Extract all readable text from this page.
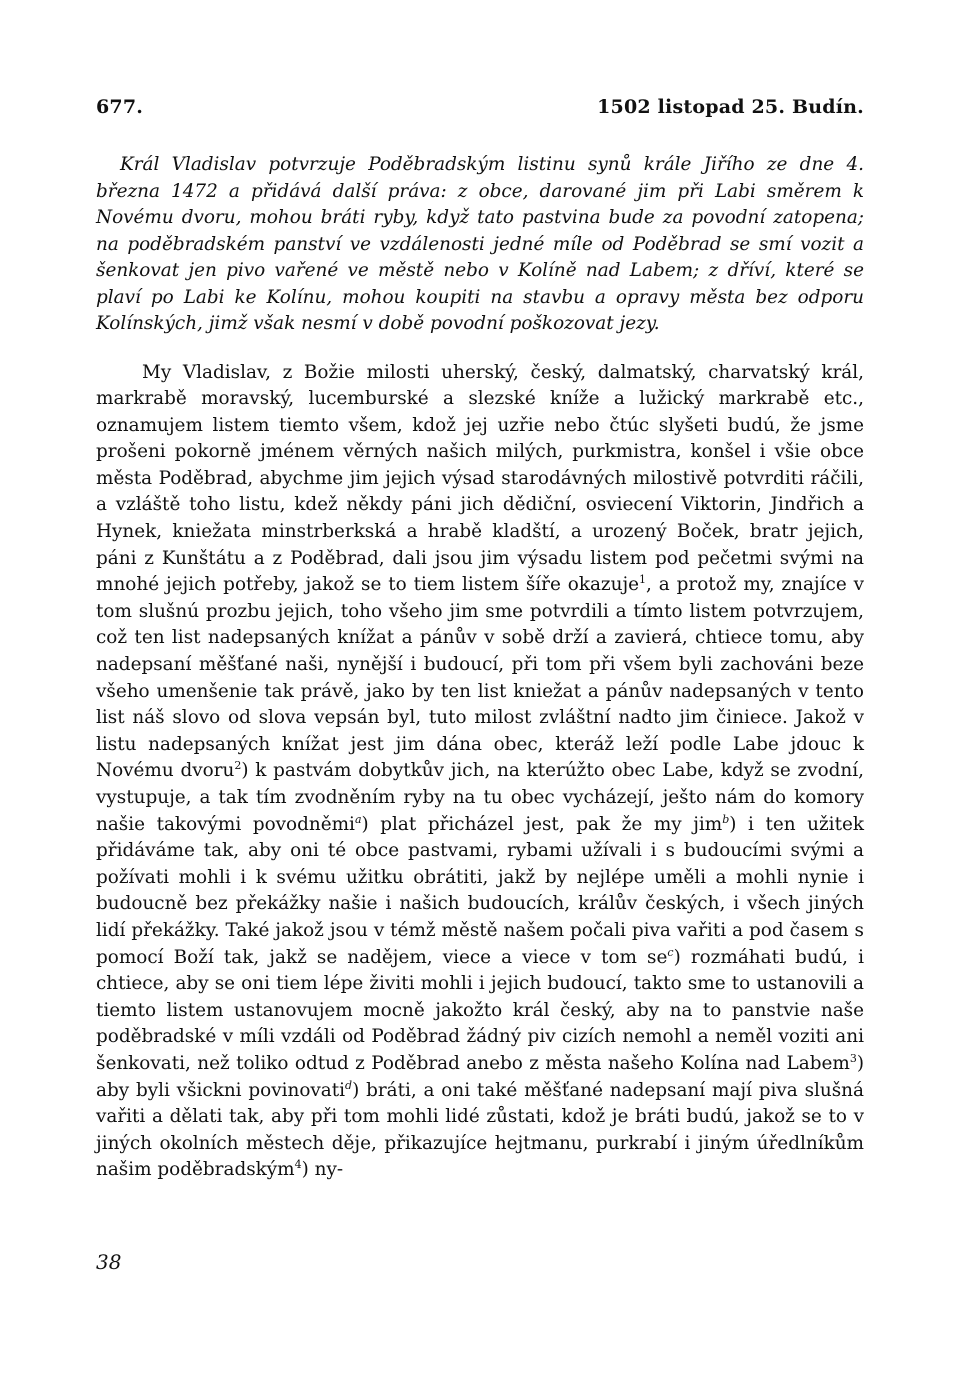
677.	1502 listopad 25. Budín.

Král Vladislav potvrzuje Poděbradským listinu synů krále Jiřího ze dne 4. března 1472 a přidává další práva: z obce, darované jim při Labi směrem k Novému dvoru, mohou bráti ryby, když tato pastvina bude za povodní zatopena; na poděbradském panství ve vzdálenosti jedné míle od Poděbrad se smí vozit a šenkovat jen pivo vařené ve městě nebo v Kolíně nad Labem; z dříví, které se plaví po Labi ke Kolínu, mohou koupiti na stavbu a opravy města bez odporu Kolínských, jimž však nesmí v době povodní poškozovat jezy.

My Vladislav, z Božie milosti uherský, český, dalmatský, charvatský král, markrabě moravský, lucemburské a slezské kníže a lužický markrabě etc., oznamujem listem tiemto všem, kdož jej uzřie nebo čtúc slyšeti budú, že jsme prošeni pokorně jménem věrných našich milých, purkmistra, konšel i všie obce města Poděbrad, abychme jim jejich výsad starodávných milostivě potvrditi ráčili, a vzláště toho listu, kdež někdy páni jich dědiční, osviecení Viktorin, Jindřich a Hynek, kniežata minstrberkská a hrabě kladští, a urozený Boček, bratr jejich, páni z Kunštátu a z Poděbrad, dali jsou jim výsadu listem pod pečetmi svými na mnohé jejich potřeby, jakož se to tiem listem šíře okazuje$^1$, a protož my, znajíce v tom slušnú prozbu jejich, toho všeho jim sme potvrdili a tímto listem potvrzujem, což ten list nadepsaných knížat a pánův v sobě drží a zavierá, chtiece tomu, aby nadepsaní měšťané naši, nynější i budoucí, při tom při všem byli zachováni beze všeho umenšenie tak právě, jako by ten list kniežat a pánův nadepsaných v tento list náš slovo od slova vepsán byl, tuto milost zvláštní nadto jim činiece. Jakož v listu nadepsaných knížat jest jim dána obec, kteráž leží podle Labe jdouc k Novému dvoru$^2$) k pastvám dobytkův jich, na kterúžto obec Labe, když se zvodní, vystupuje, a tak tím zvodněním ryby na tu obec vycházejí, ještо nám do komory našie takovými povodněmi$^a$) plat přicházel jest, pak že my jim$^b$) i ten užitek přidáváme tak, aby oni té obce pastvami, rybami užívali i s budoucími svými a požívati mohli i k svému užitku obrátiti, jakž by nejlépe uměli a mohli nynie i budoucně bez překážky našie i našich budoucích, králův českých, i všech jiných lidí překážky. Také jakož jsou v témž městě našem počali piva vařiti a pod časem s pomocí Boží tak, jakž se nadějem, viece a viece v tom $se^c$) rozmáhati budú, i chtiece, aby se oni tiem lépe živiti mohli i jejich budoucí, takto sme to ustanovili a tiemto listem ustanovujem mocně jakožto král český, aby na to panstvie naše poděbradské v míli vzdáli od Poděbrad žádný piv cizích nemohl a neměl voziti ani šenkovati, než toliko odtud z Poděbrad anebo z města našeho Kolína nad Labem$^3$) aby byli všickni povinovati$^d$) bráti, a oni také měšťané nadepsaní mají piva slušná vařiti a dělati tak, aby při tom mohli lidé zůstati, kdož je bráti budú, jakož se to v jiných okolních městech děje, přikazujíce hejtmanu, purkrabí i jiným úředlníkům našim poděbradským$^4$) ny-

38
